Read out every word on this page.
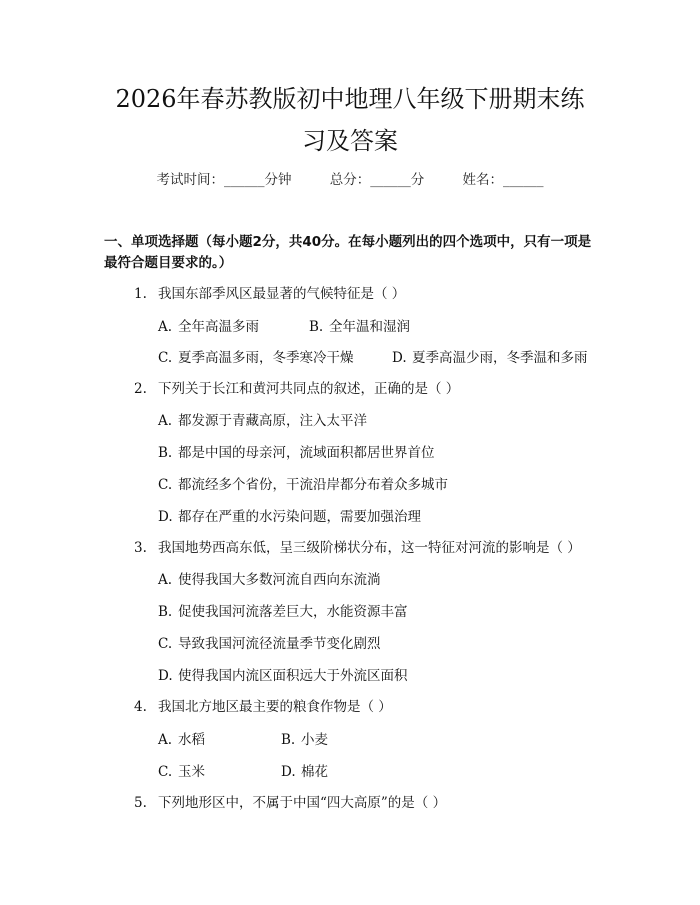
2026年春苏教版初中地理八年级下册期末练
习及答案
考试时间：______分钟	总分：______分	姓名：______
一、单项选择题（每小题2分，共40分。在每小题列出的四个选项中，只有一项是最符合题目要求的。）
1. 我国东部季风区最显著的气候特征是（ ）
A. 全年高温多雨	B. 全年温和湿润
C. 夏季高温多雨，冬季寒冷干燥	D. 夏季高温少雨，冬季温和多雨
2. 下列关于长江和黄河共同点的叙述，正确的是（ ）
A. 都发源于青藏高原，注入太平洋
B. 都是中国的母亲河，流域面积都居世界首位
C. 都流经多个省份，干流沿岸都分布着众多城市
D. 都存在严重的水污染问题，需要加强治理
3. 我国地势西高东低，呈三级阶梯状分布，这一特征对河流的影响是（ ）
A. 使得我国大多数河流自西向东流淌
B. 促使我国河流落差巨大，水能资源丰富
C. 导致我国河流径流量季节变化剧烈
D. 使得我国内流区面积远大于外流区面积
4. 我国北方地区最主要的粮食作物是（ ）
A. 水稻	B. 小麦
C. 玉米	D. 棉花
5. 下列地形区中，不属于中国“四大高原”的是（ ）
